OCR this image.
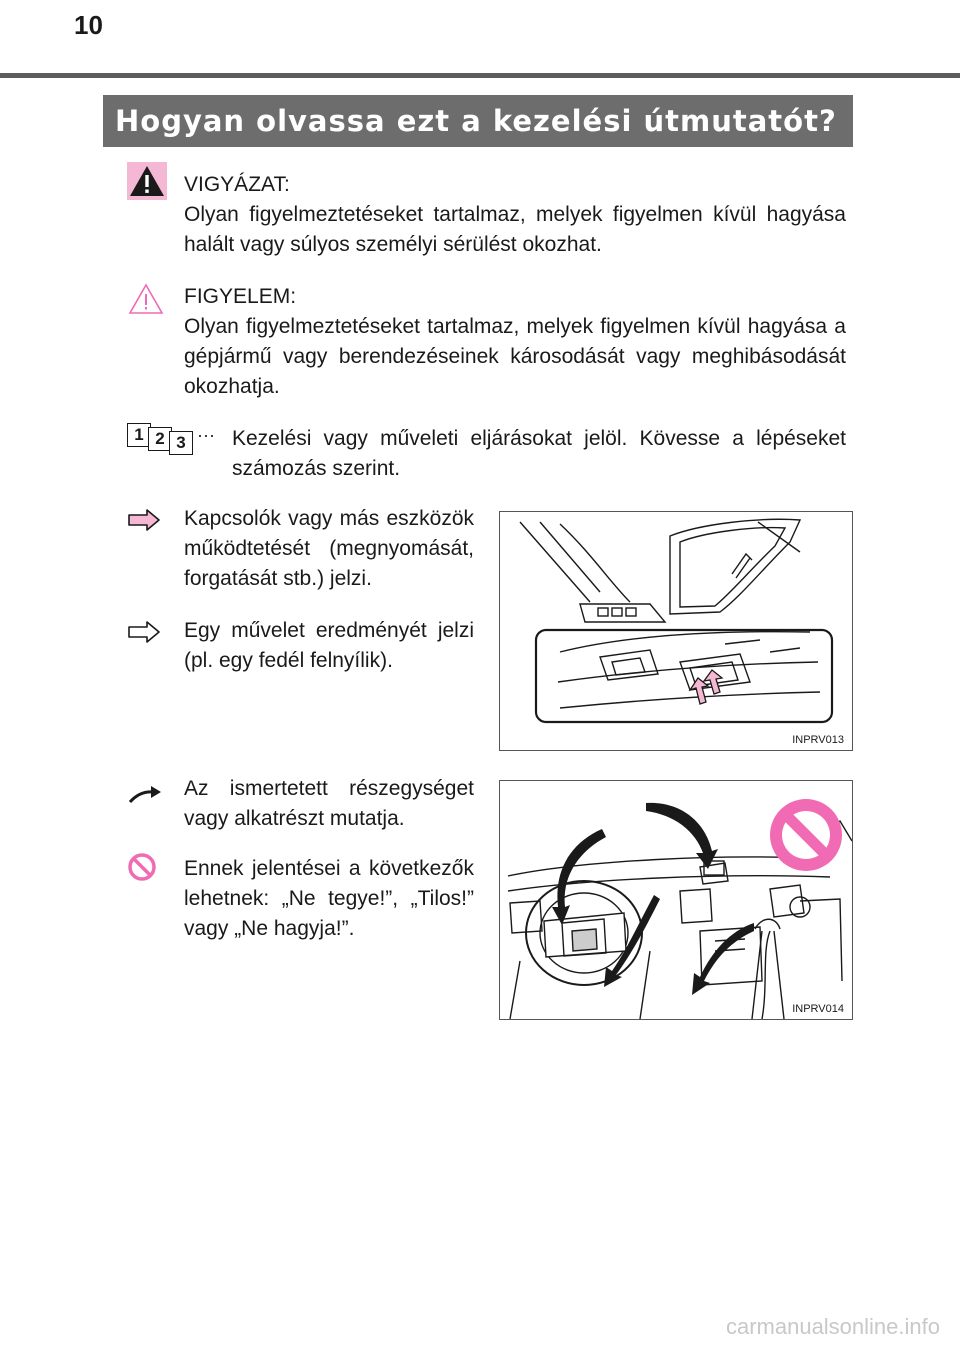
10
Hogyan olvassa ezt a kezelési útmutatót?
VIGYÁZAT:
Olyan figyelmeztetéseket tartalmaz, melyek figyelmen kívül hagyása halált vagy súlyos személyi sérülést okozhat.
FIGYELEM:
Olyan figyelmeztetéseket tartalmaz, melyek figyelmen kívül hagyása a gépjármű vagy berendezéseinek károsodását vagy meghibásodását okozhatja.
1 2 3 ··· Kezelési vagy műveleti eljárásokat jelöl. Kövesse a lépéseket számozás szerint.
Kapcsolók vagy más eszközök működtetését (megnyomását, forgatását stb.) jelzi.
Egy művelet eredményét jelzi (pl. egy fedél felnyílik).
INPRV013
Az ismertetett részegységet vagy alkatrészt mutatja.
Ennek jelentései a következők lehetnek: „Ne tegye!”, „Tilos!” vagy „Ne hagyja!”.
INPRV014
carmanualsonline.info
